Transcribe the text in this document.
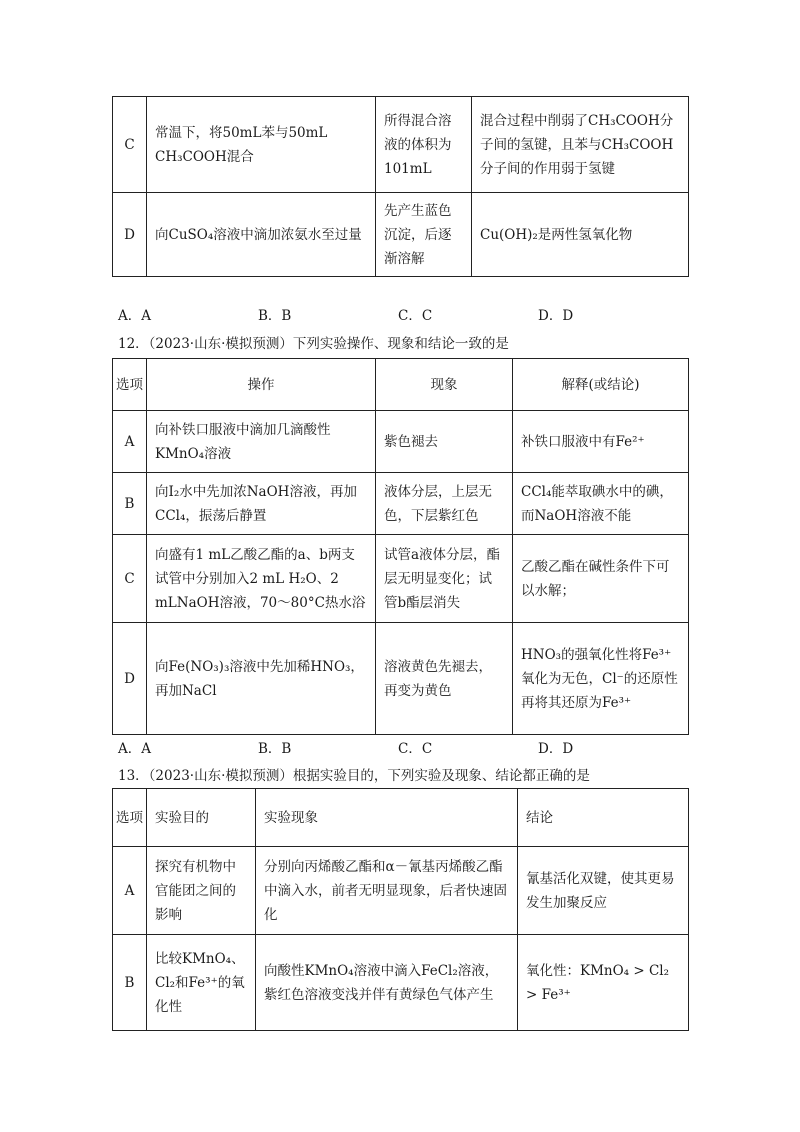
C	常温下，将50mL苯与50mL CH₃COOH混合	所得混合溶液的体积为101mL	混合过程中削弱了CH₃COOH分子间的氢键，且苯与CH₃COOH分子间的作用弱于氢键
D	向CuSO₄溶液中滴加浓氨水至过量	先产生蓝色沉淀，后逐渐溶解	Cu(OH)₂是两性氢氧化物
A．A	B．B	C．C	D．D
12．（2023·山东·模拟预测）下列实验操作、现象和结论一致的是
选项	操作	现象	解释(或结论)
A	向补铁口服液中滴加几滴酸性KMnO₄溶液	紫色褪去	补铁口服液中有Fe²⁺
B	向I₂水中先加浓NaOH溶液，再加CCl₄，振荡后静置	液体分层，上层无色，下层紫红色	CCl₄能萃取碘水中的碘，而NaOH溶液不能
C	向盛有1 mL乙酸乙酯的a、b两支试管中分别加入2 mL H₂O、2 mLNaOH溶液，70～80°C热水浴	试管a液体分层，酯层无明显变化；试管b酯层消失	乙酸乙酯在碱性条件下可以水解；
D	向Fe(NO₃)₃溶液中先加稀HNO₃，再加NaCl	溶液黄色先褪去，再变为黄色	HNO₃的强氧化性将Fe³⁺氧化为无色，Cl⁻的还原性再将其还原为Fe³⁺
A．A	B．B	C．C	D．D
13．（2023·山东·模拟预测）根据实验目的，下列实验及现象、结论都正确的是
选项	实验目的	实验现象	结论
A	探究有机物中官能团之间的影响	分别向丙烯酸乙酯和α－氰基丙烯酸乙酯中滴入水，前者无明显现象，后者快速固化	氰基活化双键，使其更易发生加聚反应
B	比较KMnO₄、Cl₂和Fe³⁺的氧化性	向酸性KMnO₄溶液中滴入FeCl₂溶液，紫红色溶液变浅并伴有黄绿色气体产生	氧化性：KMnO₄ > Cl₂ > Fe³⁺
